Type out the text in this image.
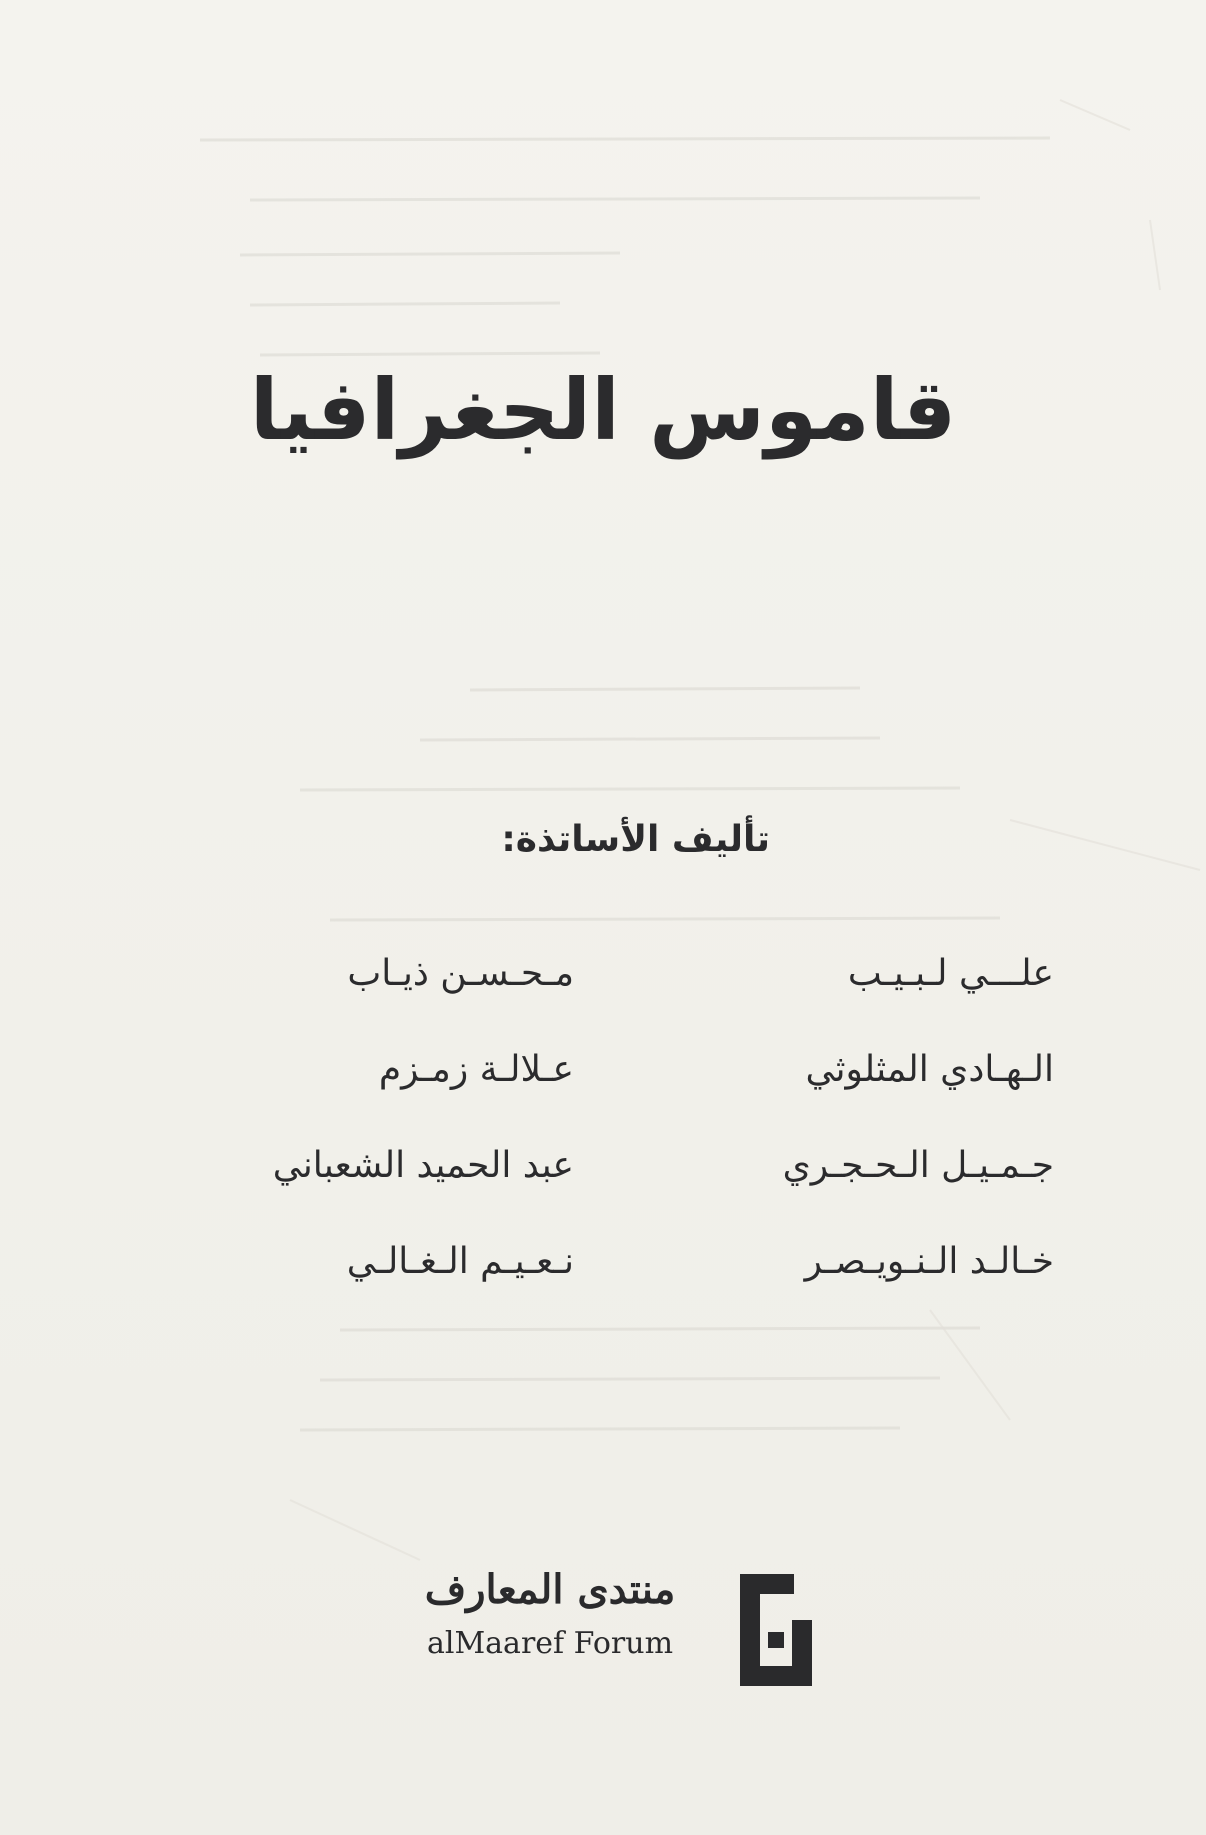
قاموس الجغرافيا
تأليف الأساتذة:
علـــي لـبـيـب
الـهـادي المثلوثي
جـمـيـل الـحـجـري
خـالـد الـنـويـصـر
مـحـسـن ذيـاب
عـلالـة زمـزم
عبد الحميد الشعباني
نـعـيـم الـغـالـي
منتدى المعارف
alMaaref Forum
